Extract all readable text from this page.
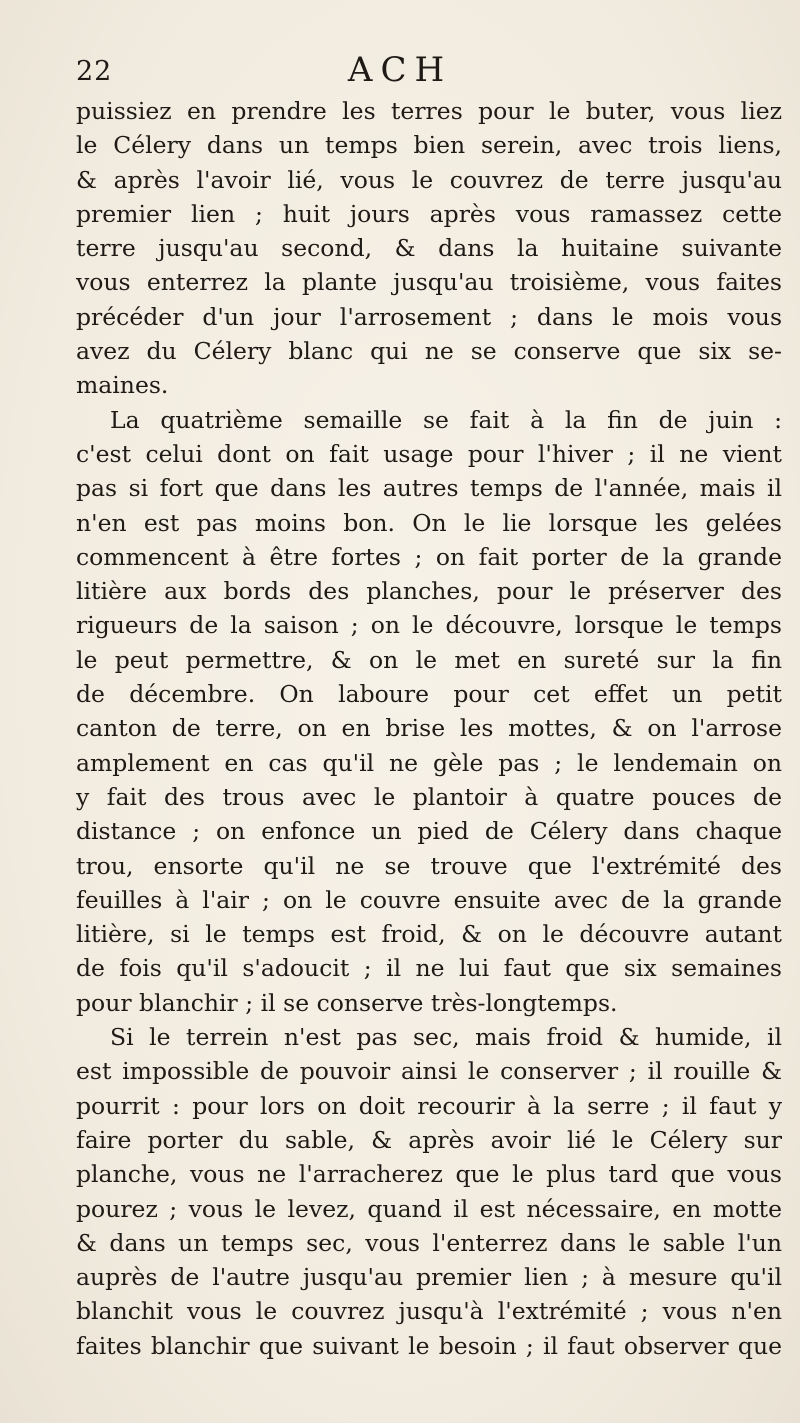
22	ACH
puissiez en prendre les terres pour le buter, vous liez
le Célery dans un temps bien serein, avec trois liens,
& après l'avoir lié, vous le couvrez de terre jusqu'au
premier lien ; huit jours après vous ramassez cette
terre jusqu'au second, & dans la huitaine suivante
vous enterrez la plante jusqu'au troisième, vous faites
précéder d'un jour l'arrosement ; dans le mois vous
avez du Célery blanc qui ne se conserve que six se-
maines.
La quatrième semaille se fait à la fin de juin :
c'est celui dont on fait usage pour l'hiver ; il ne vient
pas si fort que dans les autres temps de l'année, mais il
n'en est pas moins bon. On le lie lorsque les gelées
commencent à être fortes ; on fait porter de la grande
litière aux bords des planches, pour le préserver des
rigueurs de la saison ; on le découvre, lorsque le temps
le peut permettre, & on le met en sureté sur la fin
de décembre. On laboure pour cet effet un petit
canton de terre, on en brise les mottes, & on l'arrose
amplement en cas qu'il ne gèle pas ; le lendemain on
y fait des trous avec le plantoir à quatre pouces de
distance ; on enfonce un pied de Célery dans chaque
trou, ensorte qu'il ne se trouve que l'extrémité des
feuilles à l'air ; on le couvre ensuite avec de la grande
litière, si le temps est froid, & on le découvre autant
de fois qu'il s'adoucit ; il ne lui faut que six semaines
pour blanchir ; il se conserve très-longtemps.
Si le terrein n'est pas sec, mais froid & humide, il
est impossible de pouvoir ainsi le conserver ; il rouille &
pourrit : pour lors on doit recourir à la serre ; il faut y
faire porter du sable, & après avoir lié le Célery sur
planche, vous ne l'arracherez que le plus tard que vous
pourez ; vous le levez, quand il est nécessaire, en motte
& dans un temps sec, vous l'enterrez dans le sable l'un
auprès de l'autre jusqu'au premier lien ; à mesure qu'il
blanchit vous le couvrez jusqu'à l'extrémité ; vous n'en
faites blanchir que suivant le besoin ; il faut observer que
